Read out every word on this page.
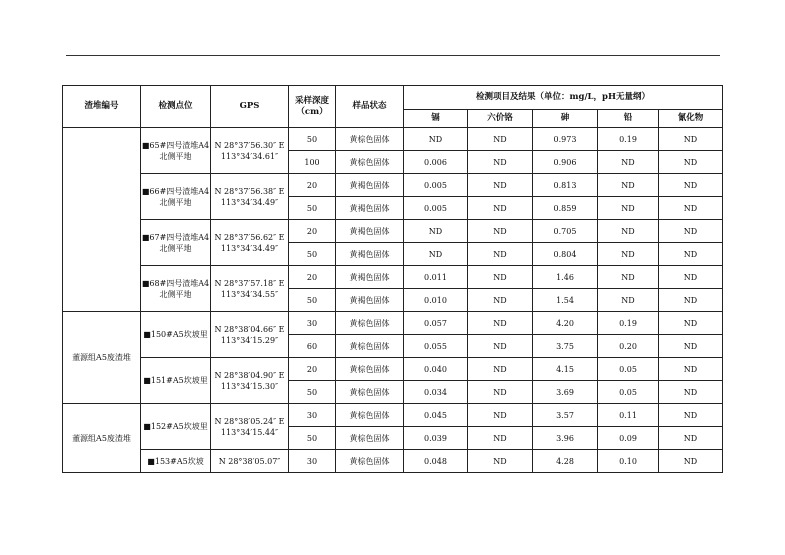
渣堆编号	检测点位	GPS	采样深度（cm）	样品状态	检测项目及结果（单位：mg/L，pH无量纲）				
					镉	六价铬	砷	铅	氰化物
	■65#四号渣堆A4北侧平地	N 28°37′56.30″ E 113°34′34.61″	50	黄棕色固体	ND	ND	0.973	0.19	ND
			100	黄棕色固体	0.006	ND	0.906	ND	ND
	■66#四号渣堆A4北侧平地	N 28°37′56.38″ E 113°34′34.49″	20	黄褐色固体	0.005	ND	0.813	ND	ND
			50	黄褐色固体	0.005	ND	0.859	ND	ND
	■67#四号渣堆A4北侧平地	N 28°37′56.62″ E 113°34′34.49″	20	黄褐色固体	ND	ND	0.705	ND	ND
			50	黄褐色固体	ND	ND	0.804	ND	ND
	■68#四号渣堆A4北侧平地	N 28°37′57.18″ E 113°34′34.55″	20	黄褐色固体	0.011	ND	1.46	ND	ND
			50	黄褐色固体	0.010	ND	1.54	ND	ND
董源组A5废渣堆	■150#A5坎坡里	N 28°38′04.66″ E 113°34′15.29″	30	黄棕色固体	0.057	ND	4.20	0.19	ND
			60	黄棕色固体	0.055	ND	3.75	0.20	ND
	■151#A5坎坡里	N 28°38′04.90″ E 113°34′15.30″	20	黄棕色固体	0.040	ND	4.15	0.05	ND
			50	黄棕色固体	0.034	ND	3.69	0.05	ND
董源组A5废渣堆	■152#A5坎坡里	N 28°38′05.24″ E 113°34′15.44″	30	黄棕色固体	0.045	ND	3.57	0.11	ND
			50	黄棕色固体	0.039	ND	3.96	0.09	ND
	■153#A5坎坡	N 28°38′05.07″	30	黄棕色固体	0.048	ND	4.28	0.10	ND
